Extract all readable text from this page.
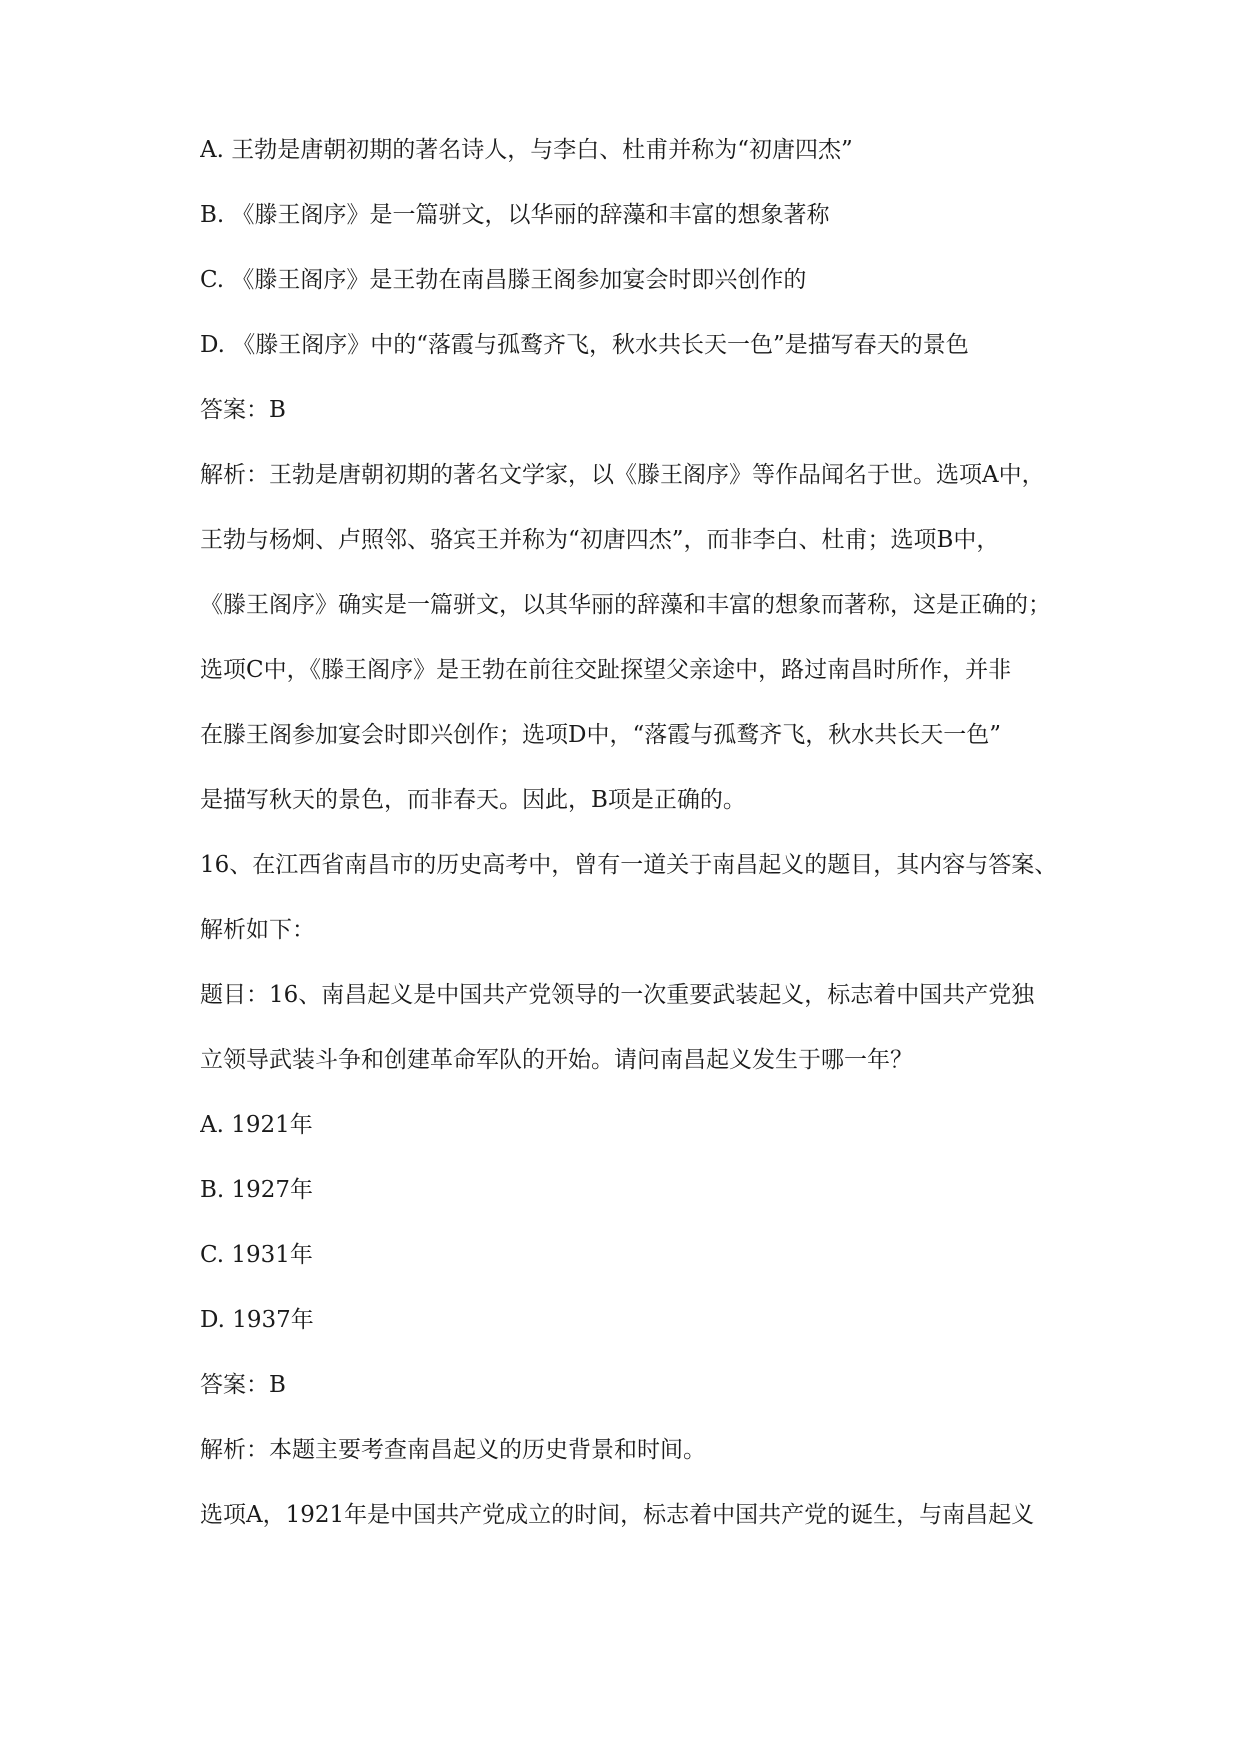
A. 王勃是唐朝初期的著名诗人，与李白、杜甫并称为“初唐四杰”
B. 《滕王阁序》是一篇骈文，以华丽的辞藻和丰富的想象著称
C. 《滕王阁序》是王勃在南昌滕王阁参加宴会时即兴创作的
D. 《滕王阁序》中的“落霞与孤鹜齐飞，秋水共长天一色”是描写春天的景色
答案：B
解析：王勃是唐朝初期的著名文学家，以《滕王阁序》等作品闻名于世。选项A中，
王勃与杨炯、卢照邻、骆宾王并称为“初唐四杰”，而非李白、杜甫；选项B中，
《滕王阁序》确实是一篇骈文，以其华丽的辞藻和丰富的想象而著称，这是正确的；
选项C中，《滕王阁序》是王勃在前往交趾探望父亲途中，路过南昌时所作，并非
在滕王阁参加宴会时即兴创作；选项D中，“落霞与孤鹜齐飞，秋水共长天一色”
是描写秋天的景色，而非春天。因此，B项是正确的。
16、在江西省南昌市的历史高考中，曾有一道关于南昌起义的题目，其内容与答案、
解析如下：
题目：16、南昌起义是中国共产党领导的一次重要武装起义，标志着中国共产党独
立领导武装斗争和创建革命军队的开始。请问南昌起义发生于哪一年？
A. 1921年
B. 1927年
C. 1931年
D. 1937年
答案：B
解析：本题主要考查南昌起义的历史背景和时间。
选项A，1921年是中国共产党成立的时间，标志着中国共产党的诞生，与南昌起义
